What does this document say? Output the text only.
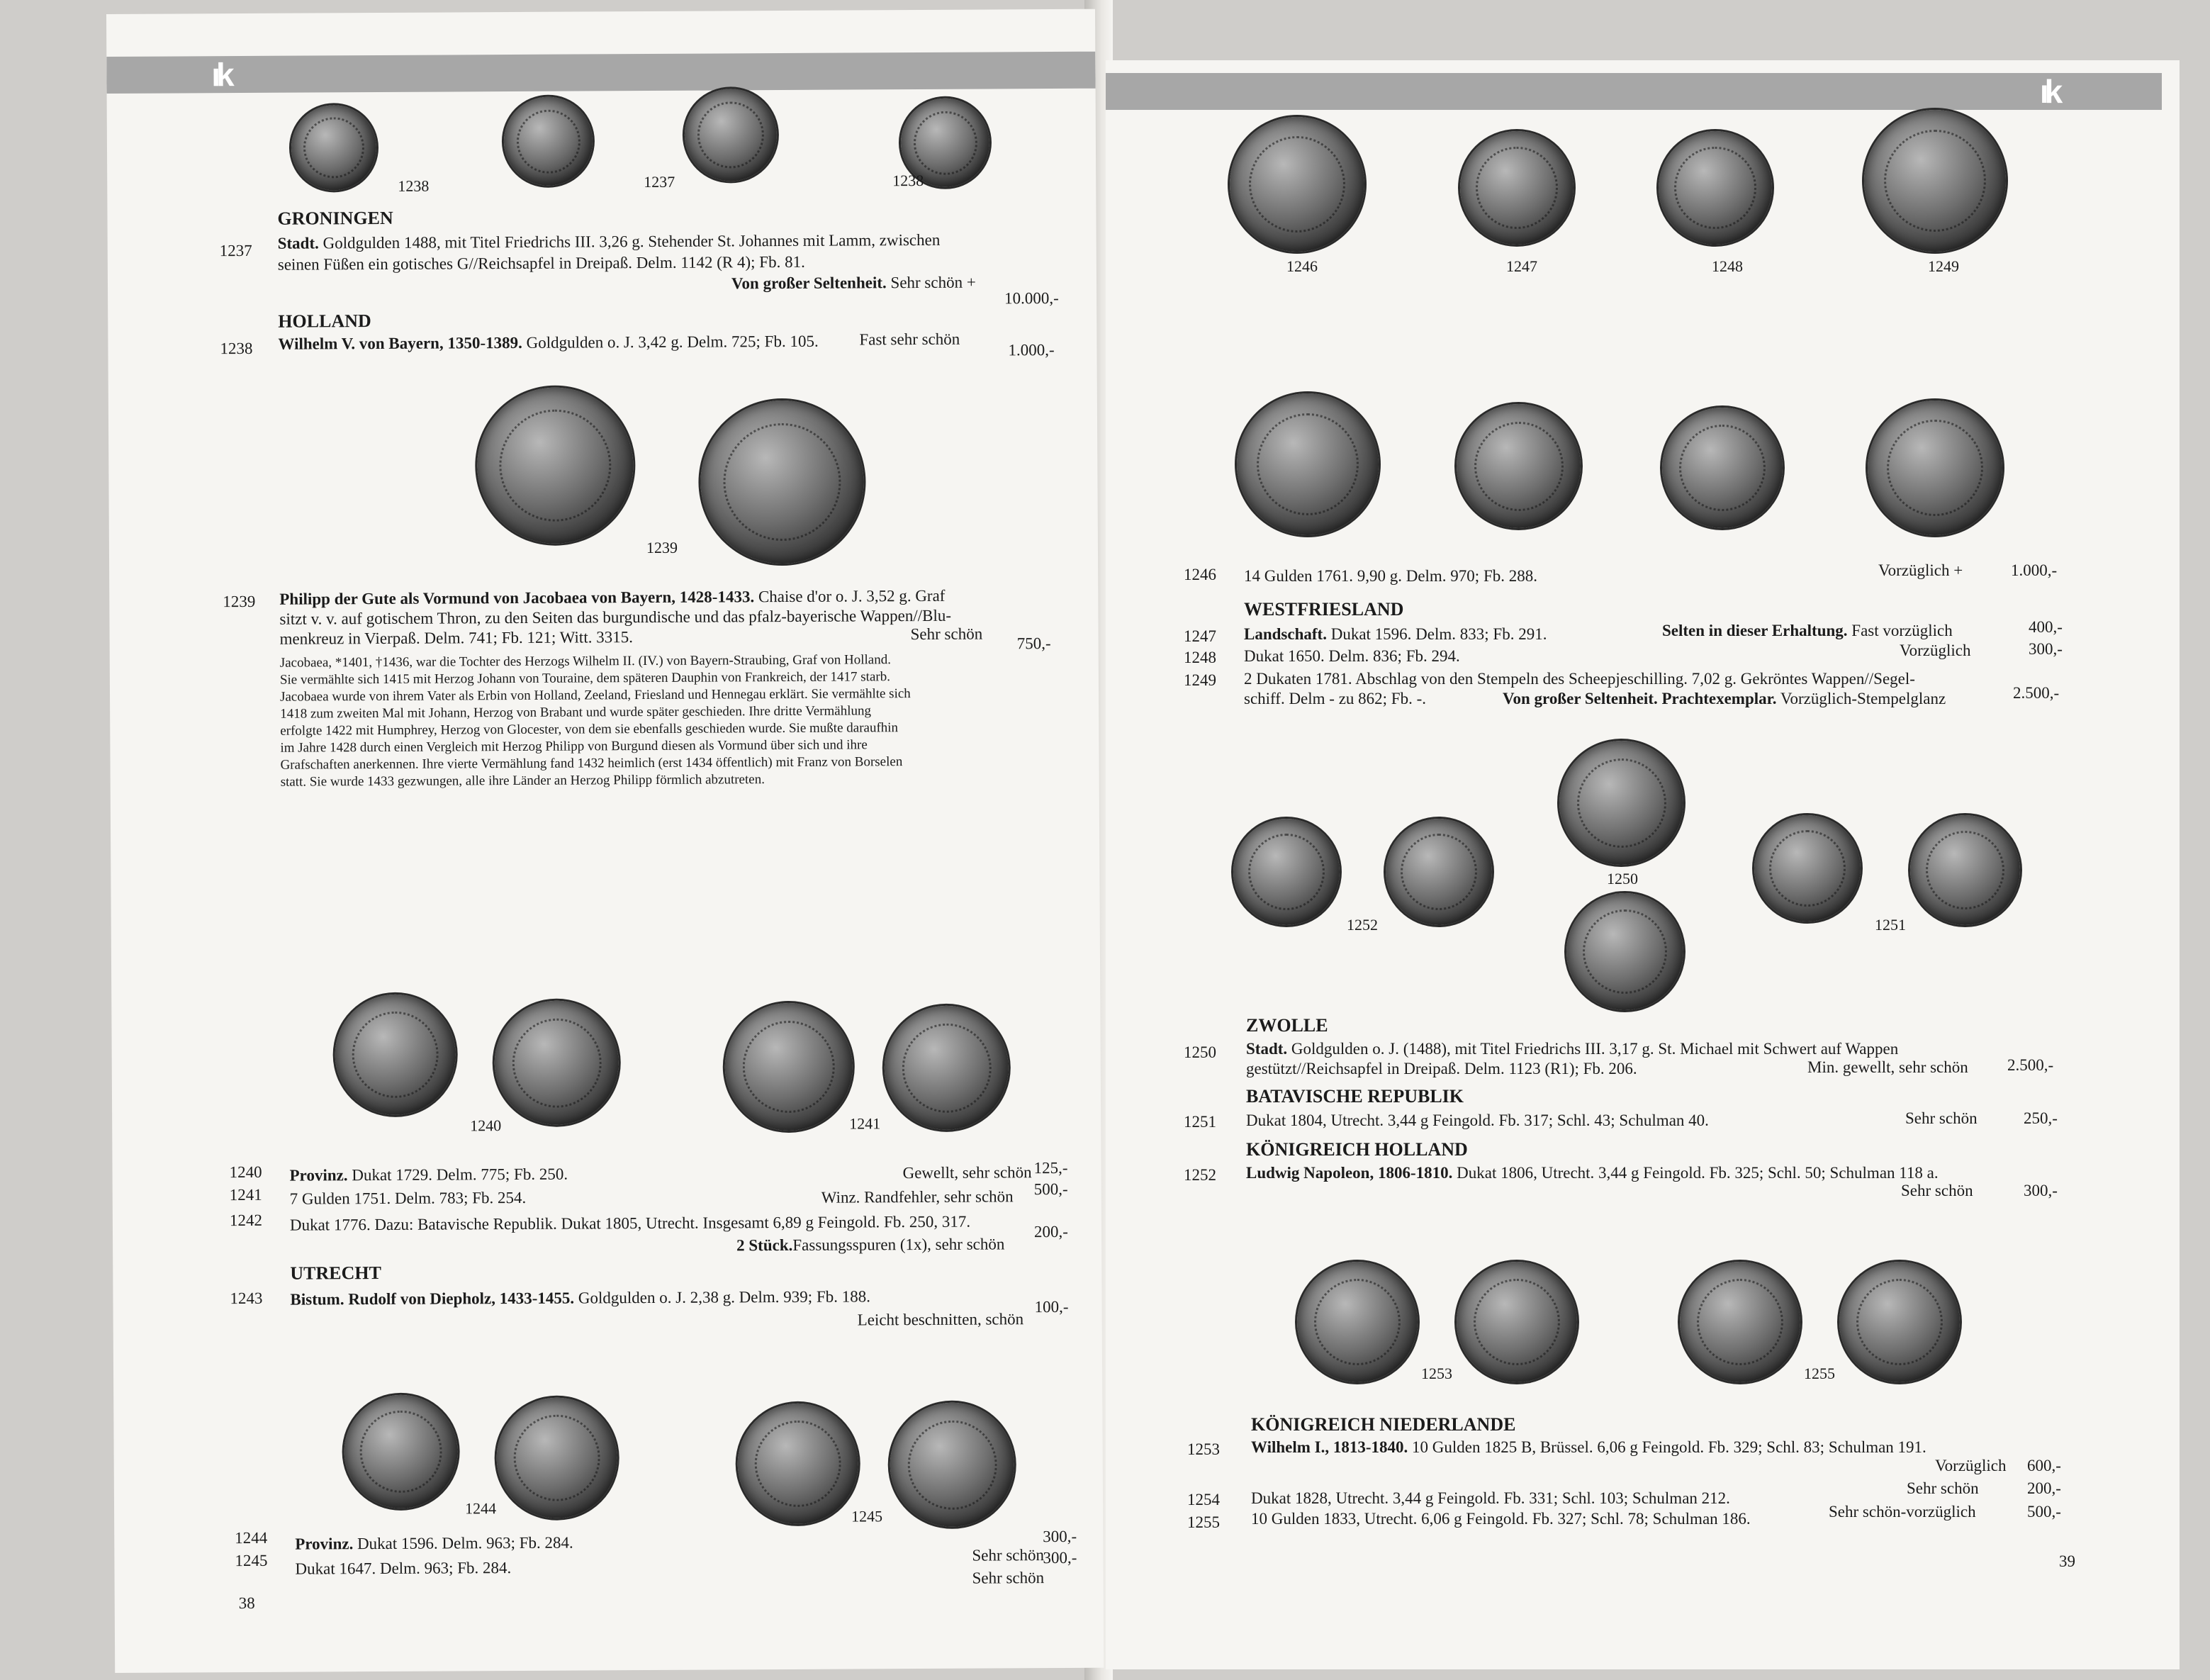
ık
1238	1237	1238
GRONINGEN
1237 Stadt. Goldgulden 1488, mit Titel Friedrichs III. 3,26 g. Stehender St. Johannes mit Lamm, zwischen
seinen Füßen ein gotisches G//Reichsapfel in Dreipaß. Delm. 1142 (R 4); Fb. 81.
Von großer Seltenheit. Sehr schön +
10.000,-
HOLLAND
1238 Wilhelm V. von Bayern, 1350-1389. Goldgulden o. J. 3,42 g. Delm. 725; Fb. 105.	Fast sehr schön
1.000,-
1239
1239 Philipp der Gute als Vormund von Jacobaea von Bayern, 1428-1433. Chaise d'or o. J. 3,52 g. Graf
sitzt v. v. auf gotischem Thron, zu den Seiten das burgundische und das pfalz-bayerische Wappen//Blu-
menkreuz in Vierpaß. Delm. 741; Fb. 121; Witt. 3315.	Sehr schön
750,-
Jacobaea, *1401, †1436, war die Tochter des Herzogs Wilhelm II. (IV.) von Bayern-Straubing, Graf von Holland.
Sie vermählte sich 1415 mit Herzog Johann von Touraine, dem späteren Dauphin von Frankreich, der 1417 starb.
Jacobaea wurde von ihrem Vater als Erbin von Holland, Zeeland, Friesland und Hennegau erklärt. Sie vermählte sich
1418 zum zweiten Mal mit Johann, Herzog von Brabant und wurde später geschieden. Ihre dritte Vermählung
erfolgte 1422 mit Humphrey, Herzog von Glocester, von dem sie ebenfalls geschieden wurde. Sie mußte daraufhin
im Jahre 1428 durch einen Vergleich mit Herzog Philipp von Burgund diesen als Vormund über sich und ihre
Grafschaften anerkennen. Ihre vierte Vermählung fand 1432 heimlich (erst 1434 öffentlich) mit Franz von Borselen
statt. Sie wurde 1433 gezwungen, alle ihre Länder an Herzog Philipp förmlich abzutreten.
1240	1241
1240 Provinz. Dukat 1729. Delm. 775; Fb. 250.	Gewellt, sehr schön 125,-
1241 7 Gulden 1751. Delm. 783; Fb. 254.	Winz. Randfehler, sehr schön 500,-
1242 Dukat 1776. Dazu: Batavische Republik. Dukat 1805, Utrecht. Insgesamt 6,89 g Feingold. Fb. 250, 317.
2 Stück.Fassungsspuren (1x), sehr schön
200,-
UTRECHT
1243 Bistum. Rudolf von Diepholz, 1433-1455. Goldgulden o. J. 2,38 g. Delm. 939; Fb. 188.
Leicht beschnitten, schön
100,-
1244	1245
1244 Provinz. Dukat 1596. Delm. 963; Fb. 284.
Sehr schön
300,-
1245 Dukat 1647. Delm. 963; Fb. 284.
Sehr schön
300,-
38
ık
1246	1247	1248	1249
1246 14 Gulden 1761. 9,90 g. Delm. 970; Fb. 288.	Vorzüglich +	1.000,-
WESTFRIESLAND
1247 Landschaft. Dukat 1596. Delm. 833; Fb. 291.	Selten in dieser Erhaltung. Fast vorzüglich	400,-
1248 Dukat 1650. Delm. 836; Fb. 294.	Vorzüglich	300,-
1249 2 Dukaten 1781. Abschlag von den Stempeln des Scheepjeschilling. 7,02 g. Gekröntes Wappen//Segel-
schiff. Delm - zu 862; Fb. -.	Von großer Seltenheit. Prachtexemplar. Vorzüglich-Stempelglanz	2.500,-
1250
1251
1252
ZWOLLE
1250 Stadt. Goldgulden o. J. (1488), mit Titel Friedrichs III. 3,17 g. St. Michael mit Schwert auf Wappen
gestützt//Reichsapfel in Dreipaß. Delm. 1123 (R1); Fb. 206.	Min. gewellt, sehr schön 2.500,-
BATAVISCHE REPUBLIK
1251 Dukat 1804, Utrecht. 3,44 g Feingold. Fb. 317; Schl. 43; Schulman 40.	Sehr schön	250,-
KÖNIGREICH HOLLAND
1252 Ludwig Napoleon, 1806-1810. Dukat 1806, Utrecht. 3,44 g Feingold. Fb. 325; Schl. 50; Schulman 118 a.
Sehr schön	300,-
1253	1255
KÖNIGREICH NIEDERLANDE
1253 Wilhelm I., 1813-1840. 10 Gulden 1825 B, Brüssel. 6,06 g Feingold. Fb. 329; Schl. 83; Schulman 191.
Vorzüglich 600,-
1254 Dukat 1828, Utrecht. 3,44 g Feingold. Fb. 331; Schl. 103; Schulman 212.
Sehr schön	200,-
1255 10 Gulden 1833, Utrecht. 6,06 g Feingold. Fb. 327; Schl. 78; Schulman 186.	Sehr schön-vorzüglich	500,-
39
